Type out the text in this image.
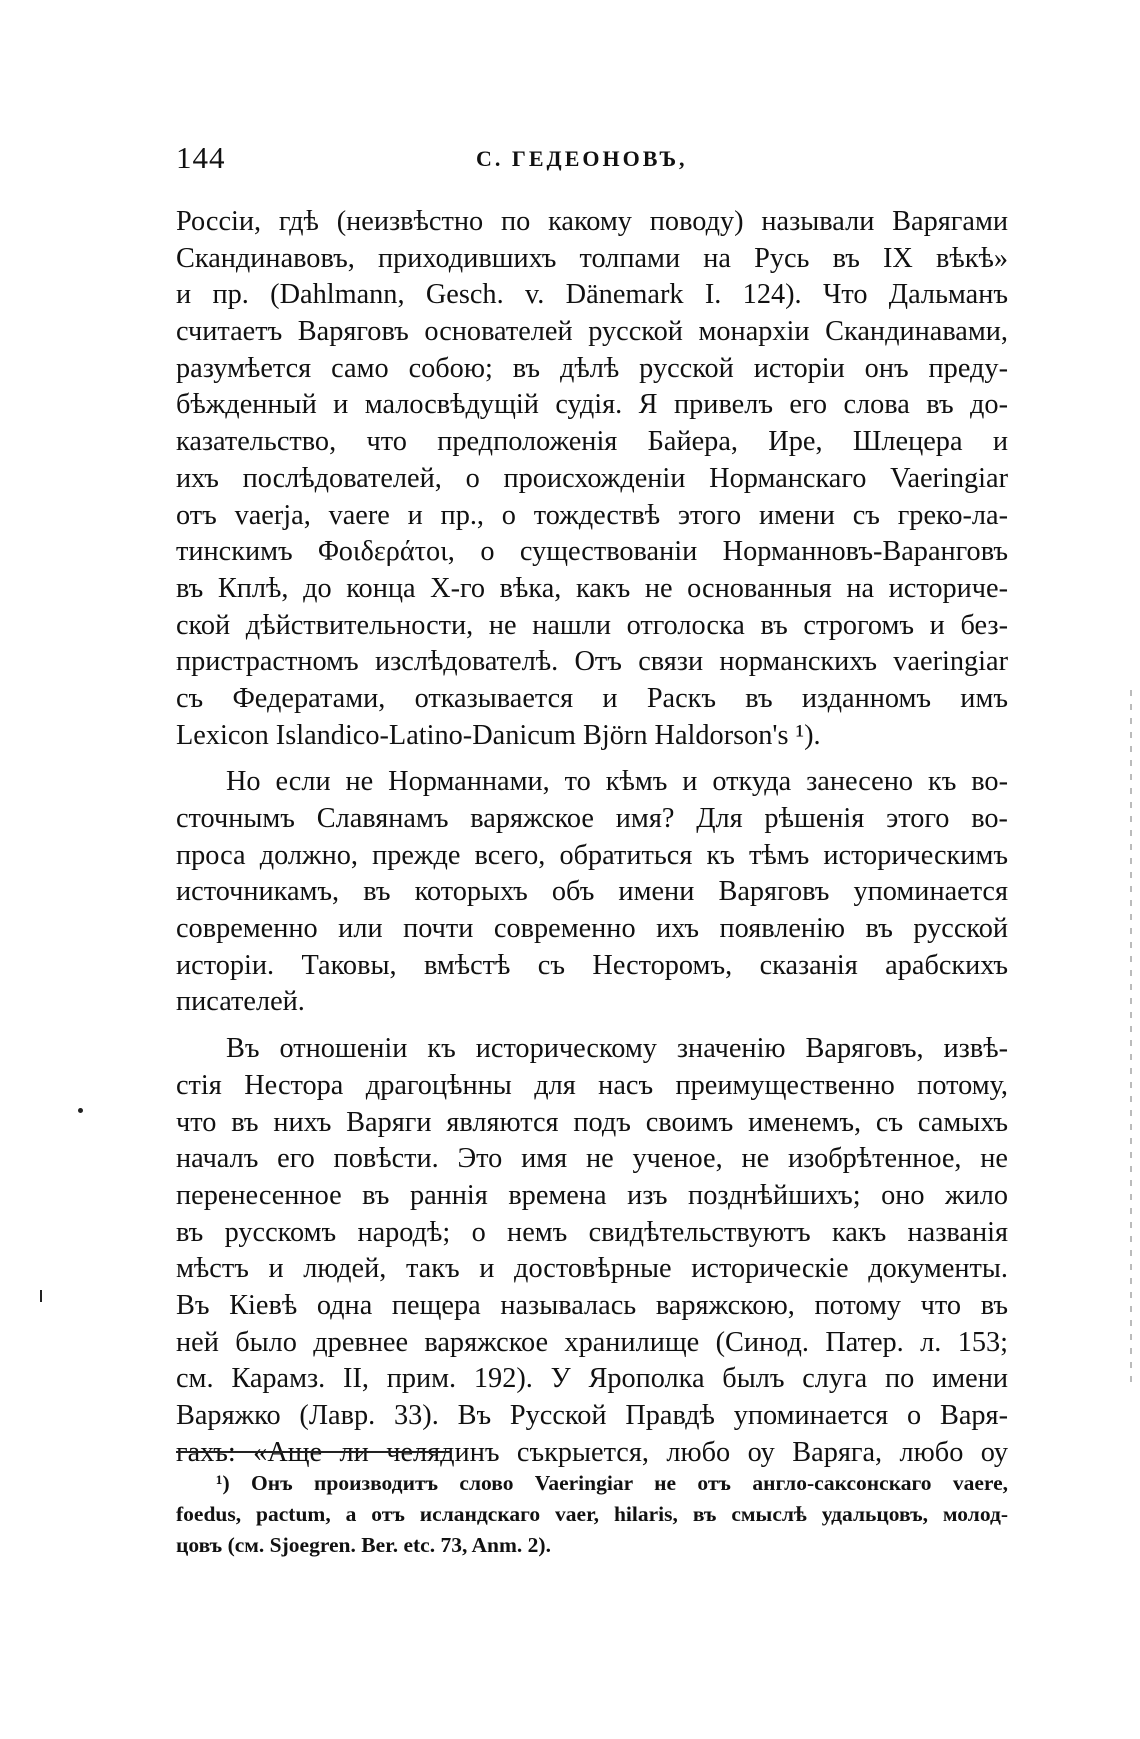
144	С. ГЕДЕОНОВЪ,
Россіи, гдѣ (неизвѣстно по какому поводу) называли Варягами
Скандинавовъ, приходившихъ толпами на Русь въ IX вѣкѣ»
и пр. (Dahlmann, Gesch. v. Dänemark I. 124). Что Дальманъ
считаетъ Варяговъ основателей русской монархіи Скандинавами,
разумѣется само собою; въ дѣлѣ русской исторіи онъ преду-
бѣжденный и малосвѣдущій судія. Я привелъ его слова въ до-
казательство, что предположенія Байера, Ире, Шлецера и
ихъ послѣдователей, о происхожденіи Норманскаго Vaeringiar
отъ vaerja, vaere и пр., о тождествѣ этого имени съ греко-ла-
тинскимъ Φοιδεράτοι, о существованіи Норманновъ-Варанговъ
въ Кплѣ, до конца X-го вѣка, какъ не основанныя на историче-
ской дѣйствительности, не нашли отголоска въ строгомъ и без-
пристрастномъ изслѣдователѣ. Отъ связи норманскихъ vaeringiar
съ Федератами, отказывается и Раскъ въ изданномъ имъ
Lexicon Islandico-Latino-Danicum Björn Haldorson's ¹).
Но если не Норманнами, то кѣмъ и откуда занесено къ во-
сточнымъ Славянамъ варяжское имя? Для рѣшенія этого во-
проса должно, прежде всего, обратиться къ тѣмъ историческимъ
источникамъ, въ которыхъ объ имени Варяговъ упоминается
современно или почти современно ихъ появленію въ русской
исторіи. Таковы, вмѣстѣ съ Несторомъ, сказанія арабскихъ
писателей.
Въ отношеніи къ историческому значенію Варяговъ, извѣ-
стія Нестора драгоцѣнны для насъ преимущественно потому,
что въ нихъ Варяги являются подъ своимъ именемъ, съ самыхъ
началъ его повѣсти. Это имя не ученое, не изобрѣтенное, не
перенесенное въ раннія времена изъ позднѣйшихъ; оно жило
въ русскомъ народѣ; о немъ свидѣтельствуютъ какъ названія
мѣстъ и людей, такъ и достовѣрные историческіе документы.
Въ Кіевѣ одна пещера называлась варяжскою, потому что въ
ней было древнее варяжское хранилище (Синод. Патер. л. 153;
см. Карамз. II, прим. 192). У Ярополка былъ слуга по имени
Варяжко (Лавр. 33). Въ Русской Правдѣ упоминается о Варя-
гахъ: «Аще ли челядинъ съкрыется, любо оу Варяга, любо оу
¹) Онъ производитъ слово Vaeringiar не отъ англо-саксонскаго vaere,
foedus, pactum, а отъ исландскаго vaer, hilaris, въ смыслѣ удальцовъ, молод-
цовъ (см. Sjoegren. Ber. etc. 73, Anm. 2).
